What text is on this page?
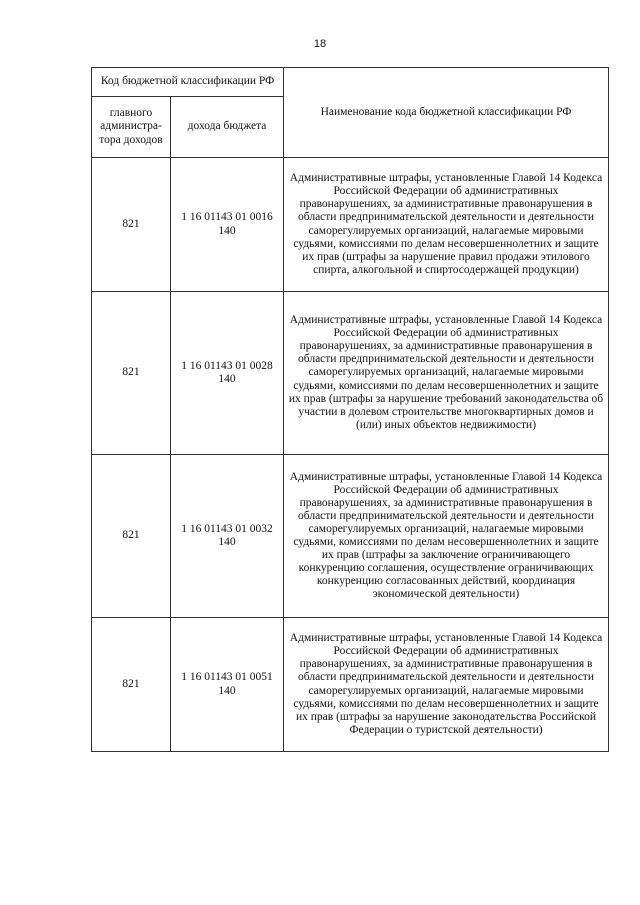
18
Код бюджетной классификации РФ		Наименование кода бюджетной классификации РФ
главного администра-тора доходов	дохода бюджета	
821	1 16 01143 01 0016 140	Административные штрафы, установленные Главой 14 Кодекса Российской Федерации об административных правонарушениях, за административные правонарушения в области предпринимательской деятельности и деятельности саморегулируемых организаций, налагаемые мировыми судьями, комиссиями по делам несовершеннолетних и защите их прав (штрафы за нарушение правил продажи этилового спирта, алкогольной и спиртосодержащей продукции)
821	1 16 01143 01 0028 140	Административные штрафы, установленные Главой 14 Кодекса Российской Федерации об административных правонарушениях, за административные правонарушения в области предпринимательской деятельности и деятельности саморегулируемых организаций, налагаемые мировыми судьями, комиссиями по делам несовершеннолетних и защите их прав (штрафы за нарушение требований законодательства об участии в долевом строительстве многоквартирных домов и (или) иных объектов недвижимости)
821	1 16 01143 01 0032 140	Административные штрафы, установленные Главой 14 Кодекса Российской Федерации об административных правонарушениях, за административные правонарушения в области предпринимательской деятельности и деятельности саморегулируемых организаций, налагаемые мировыми судьями, комиссиями по делам несовершеннолетних и защите их прав (штрафы за заключение ограничивающего конкуренцию соглашения, осуществление ограничивающих конкуренцию согласованных действий, координация экономической деятельности)
821	1 16 01143 01 0051 140	Административные штрафы, установленные Главой 14 Кодекса Российской Федерации об административных правонарушениях, за административные правонарушения в области предпринимательской деятельности и деятельности саморегулируемых организаций, налагаемые мировыми судьями, комиссиями по делам несовершеннолетних и защите их прав (штрафы за нарушение законодательства Российской Федерации о туристской деятельности)
